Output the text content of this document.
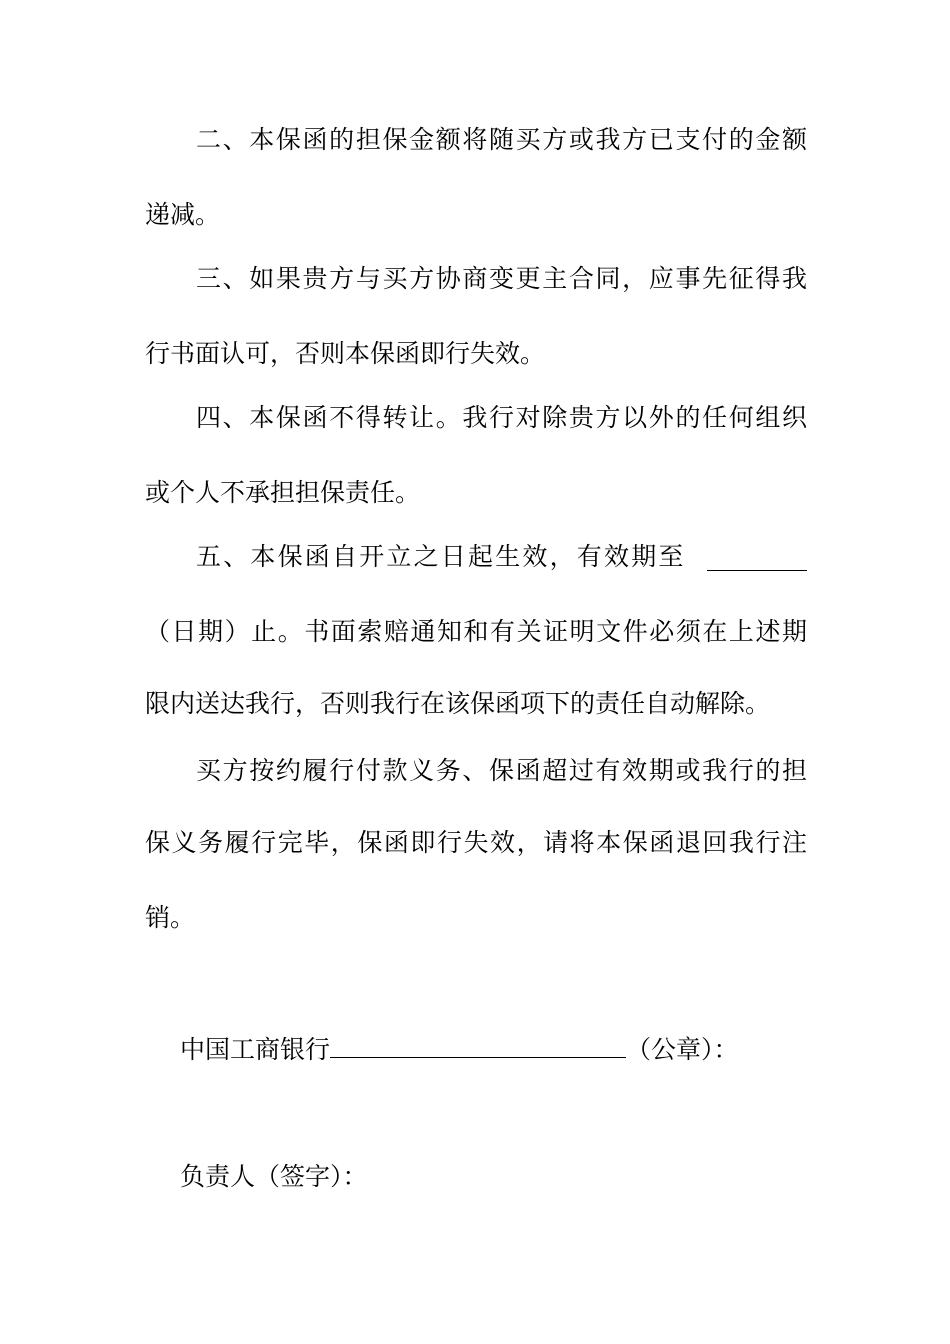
二、本保函的担保金额将随买方或我方已支付的金额
递减。
三、如果贵方与买方协商变更主合同，应事先征得我
行书面认可，否则本保函即行失效。
四、本保函不得转让。我行对除贵方以外的任何组织
或个人不承担担保责任。
五、本保函自开立之日起生效，有效期至
（日期）止。书面索赔通知和有关证明文件必须在上述期
限内送达我行，否则我行在该保函项下的责任自动解除。
买方按约履行付款义务、保函超过有效期或我行的担
保义务履行完毕，保函即行失效，请将本保函退回我行注
销。
中国工商银行	（公章）：
负责人（签字）：
